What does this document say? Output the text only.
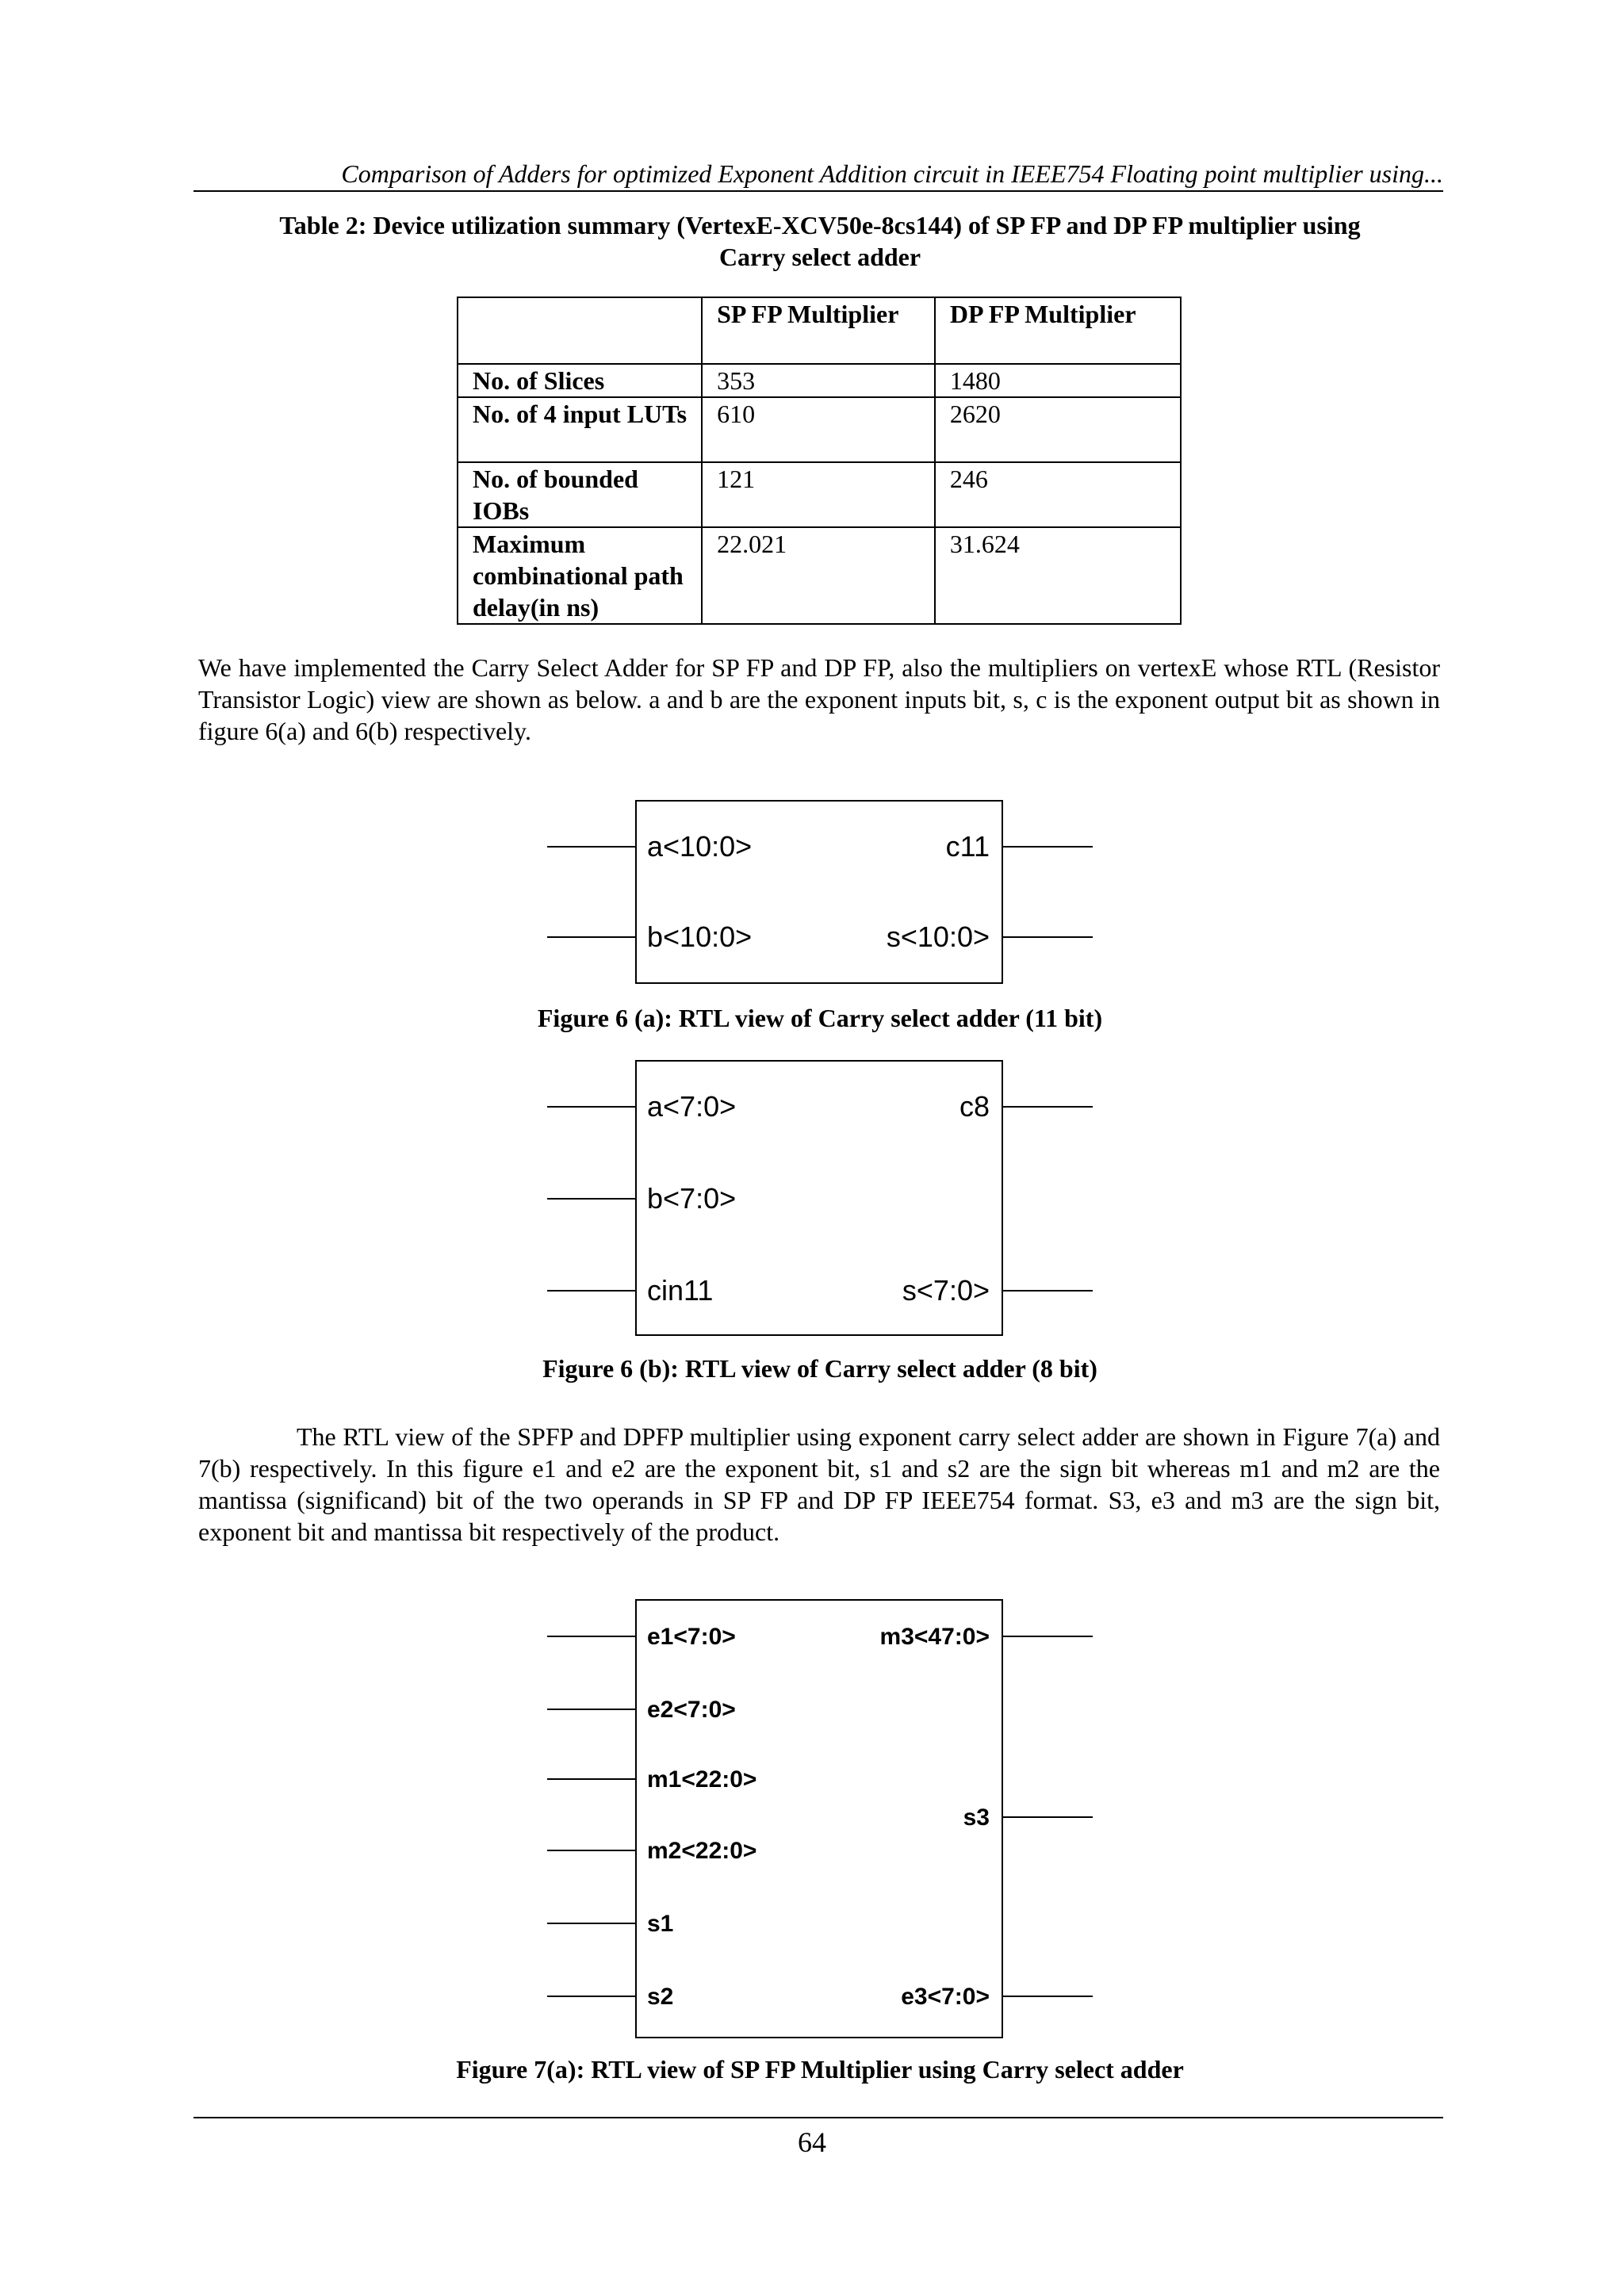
Comparison of Adders for optimized Exponent Addition circuit in IEEE754 Floating point multiplier using...
Table 2: Device utilization summary (VertexE-XCV50e-8cs144) of SP FP and DP FP multiplier using
Carry select adder
	SP FP Multiplier	DP FP Multiplier
No. of Slices	353	1480
No. of 4 input LUTs	610	2620
No. of bounded IOBs	121	246
Maximum combinational path delay(in ns)	22.021	31.624

We have implemented the Carry Select Adder for SP FP and DP FP, also the multipliers on vertexE whose RTL (Resistor Transistor Logic) view are shown as below. a and b are the exponent inputs bit, s, c is the exponent output bit as shown in figure 6(a) and 6(b) respectively.

a<10:0>
b<10:0>
c11
s<10:0>
a<7:0>
b<7:0>
cin11
c8
s<7:0>
e1<7:0>
e2<7:0>
m1<22:0>
m2<22:0>
s1
s2
m3<47:0>
s3
e3<7:0>
Figure 6 (a): RTL view of Carry select adder (11 bit)
Figure 6 (b): RTL view of Carry select adder (8 bit)

The RTL view of the SPFP and DPFP multiplier using exponent carry select adder are shown in Figure 7(a) and 7(b) respectively. In this figure e1 and e2 are the exponent bit, s1 and s2 are the sign bit whereas m1 and m2 are the mantissa (significand) bit of the two operands in SP FP and DP FP IEEE754 format. S3, e3 and m3 are the sign bit, exponent bit and mantissa bit respectively of the product.

Figure 7(a): RTL view of SP FP Multiplier using Carry select adder
64
